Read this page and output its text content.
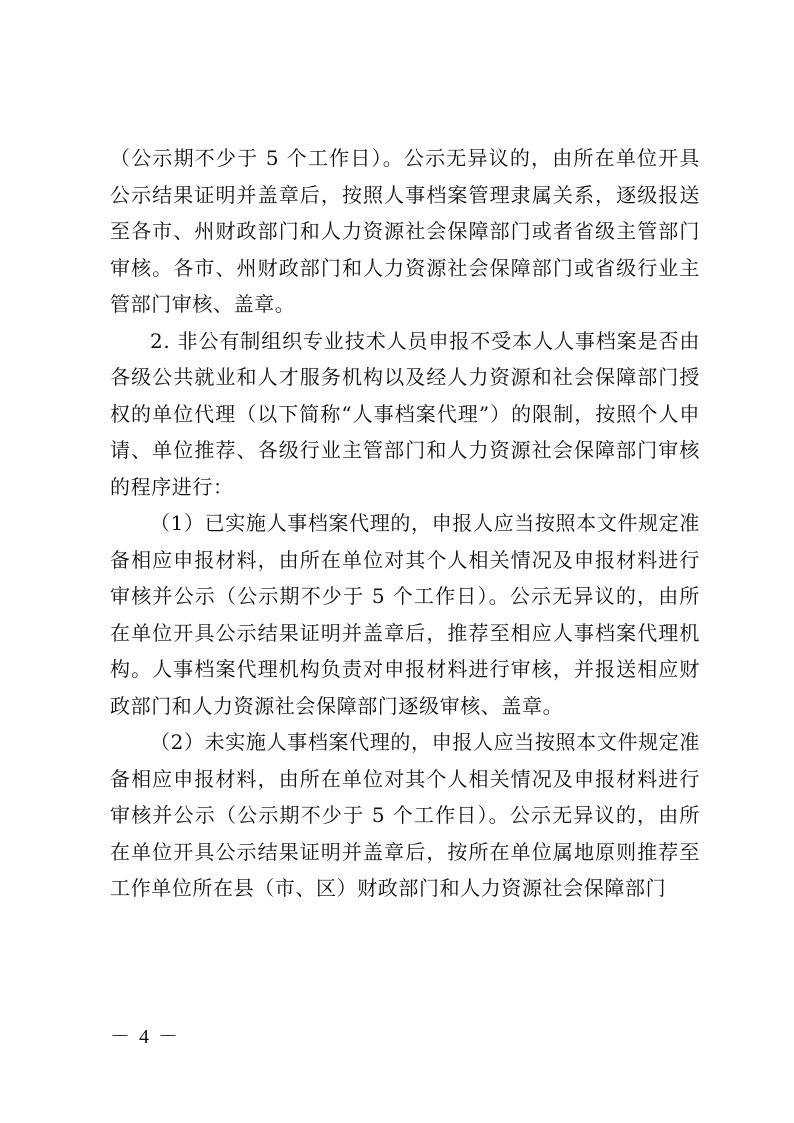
（公示期不少于 5 个工作日）。公示无异议的，由所在单位开具公示结果证明并盖章后，按照人事档案管理隶属关系，逐级报送至各市、州财政部门和人力资源社会保障部门或者省级主管部门审核。各市、州财政部门和人力资源社会保障部门或省级行业主管部门审核、盖章。

2. 非公有制组织专业技术人员申报不受本人人事档案是否由各级公共就业和人才服务机构以及经人力资源和社会保障部门授权的单位代理（以下简称“人事档案代理”）的限制，按照个人申请、单位推荐、各级行业主管部门和人力资源社会保障部门审核的程序进行：

（1）已实施人事档案代理的，申报人应当按照本文件规定准备相应申报材料，由所在单位对其个人相关情况及申报材料进行审核并公示（公示期不少于 5 个工作日）。公示无异议的，由所在单位开具公示结果证明并盖章后，推荐至相应人事档案代理机构。人事档案代理机构负责对申报材料进行审核，并报送相应财政部门和人力资源社会保障部门逐级审核、盖章。

（2）未实施人事档案代理的，申报人应当按照本文件规定准备相应申报材料，由所在单位对其个人相关情况及申报材料进行审核并公示（公示期不少于 5 个工作日）。公示无异议的，由所在单位开具公示结果证明并盖章后，按所在单位属地原则推荐至工作单位所在县（市、区）财政部门和人力资源社会保障部门

－ 4 －
